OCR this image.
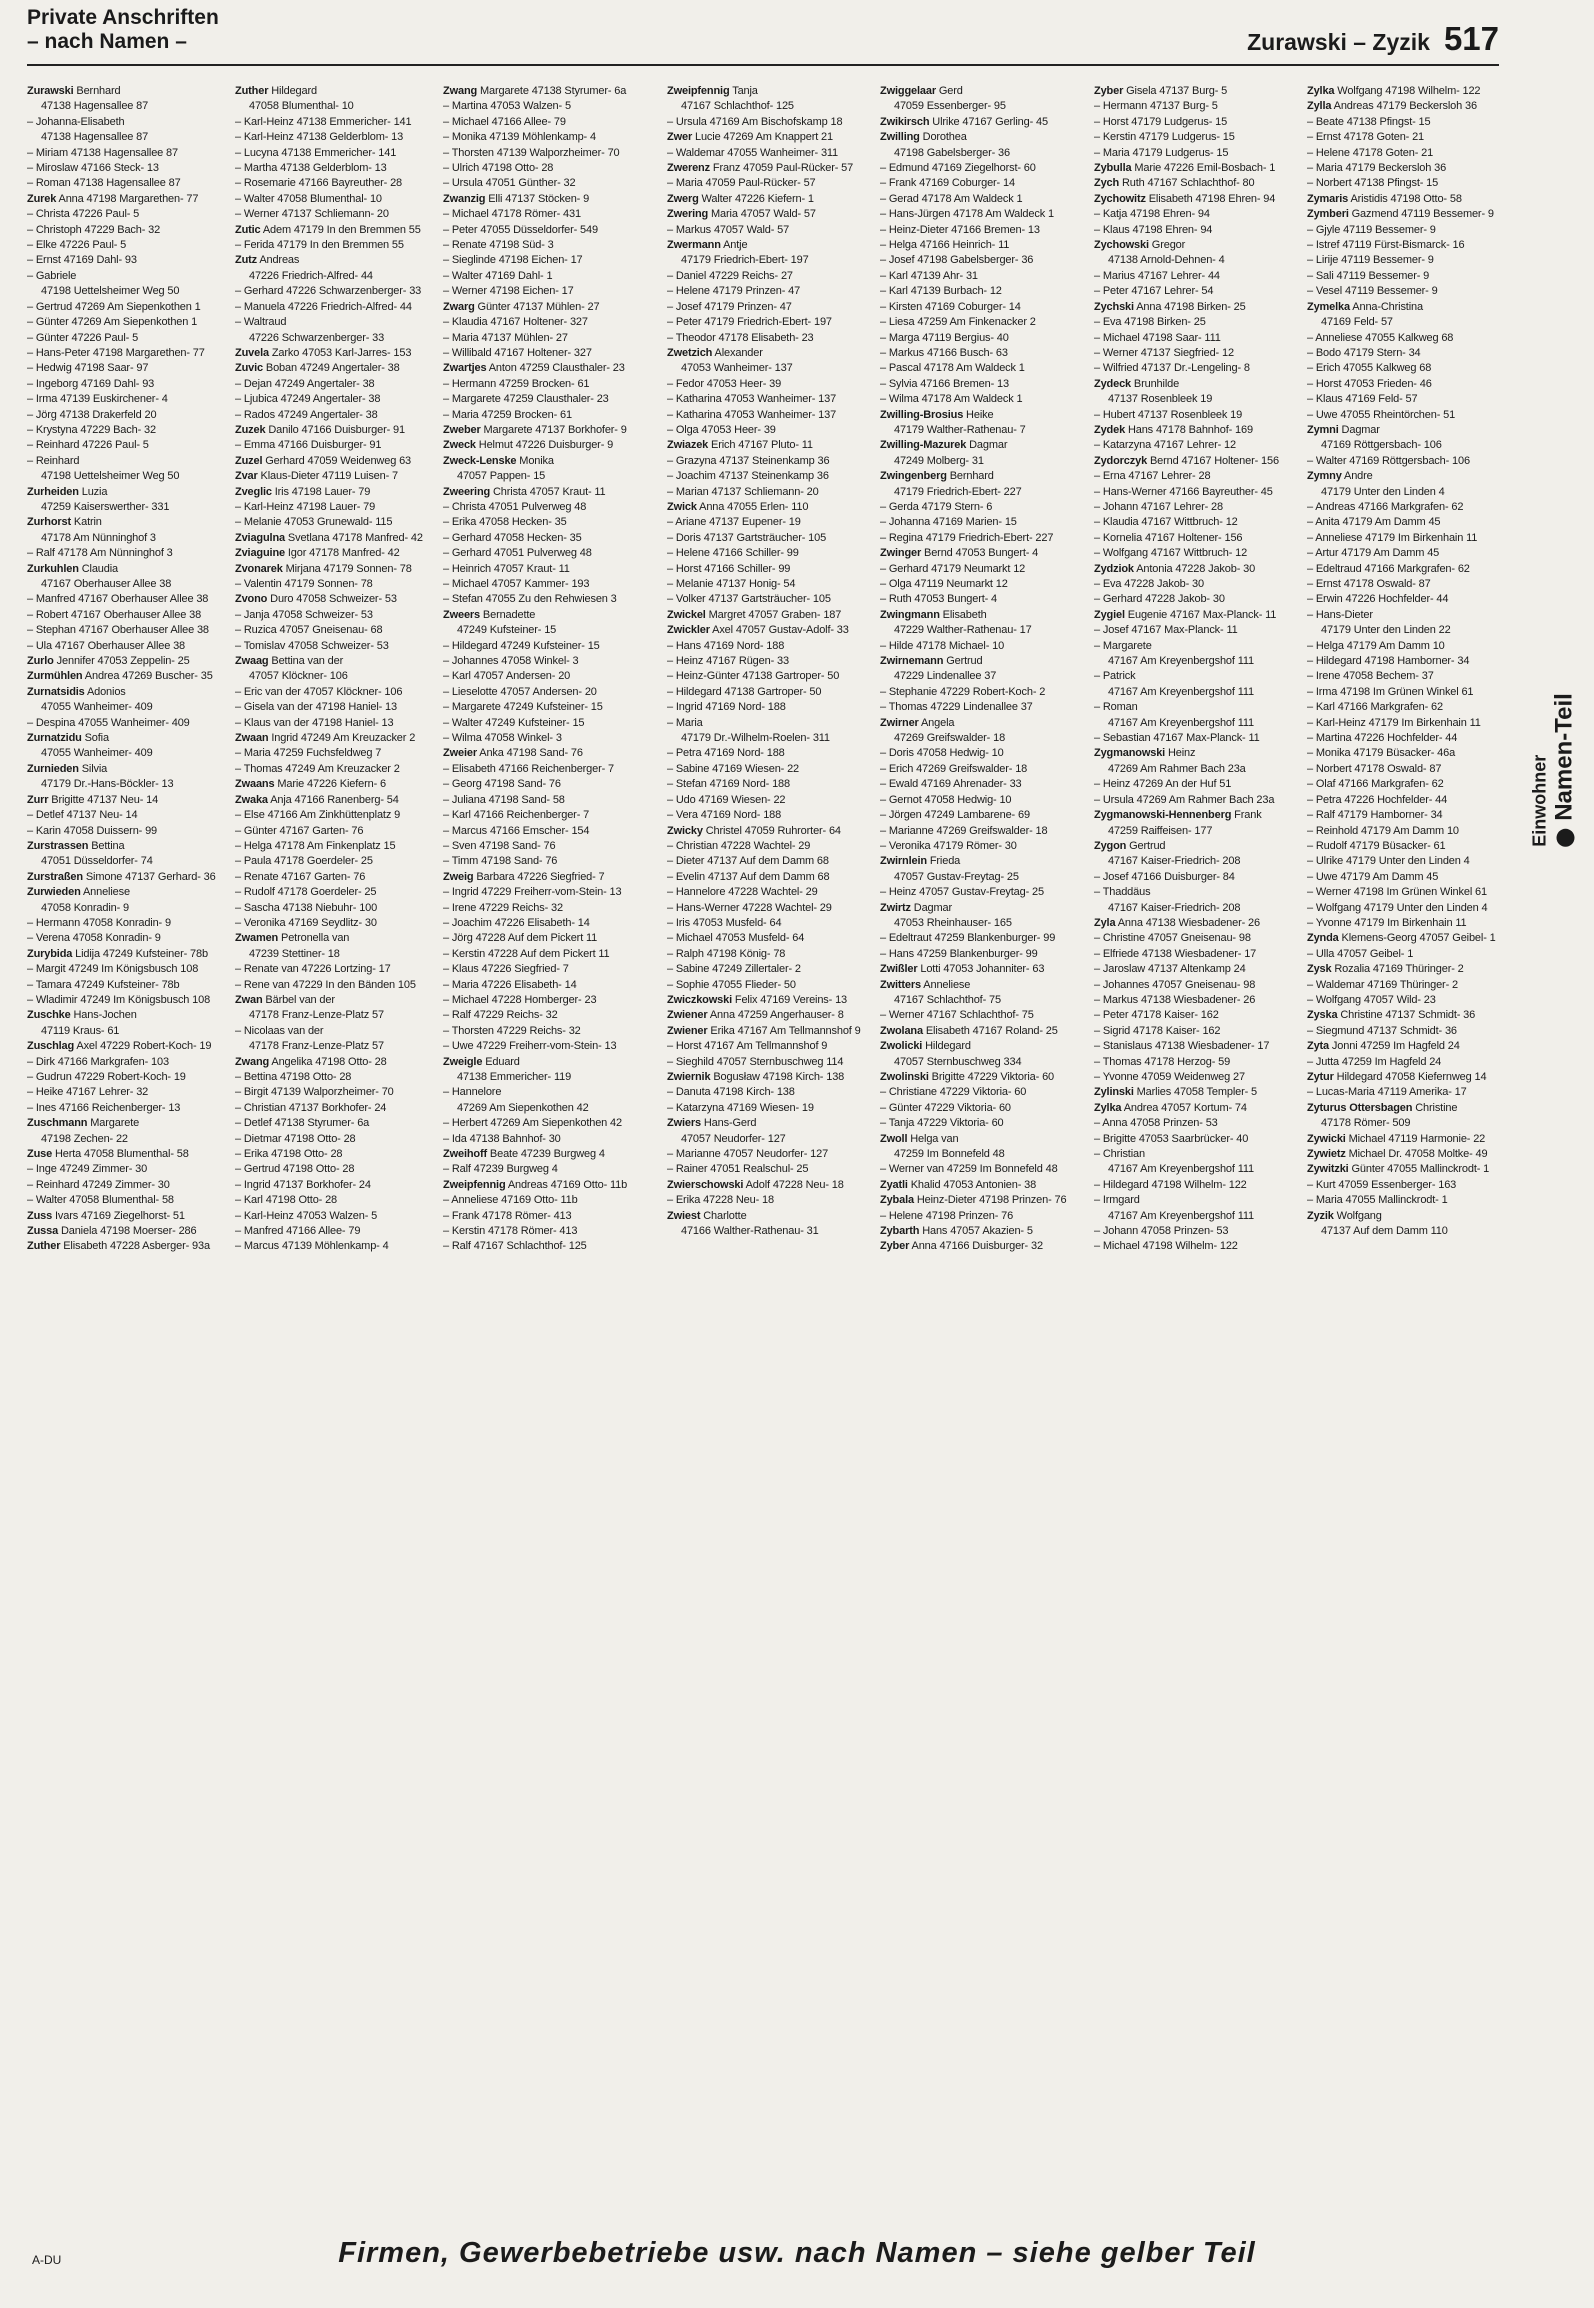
Private Anschriften
– nach Namen –	Zurawski – Zyzik 517
Zurawski Bernhard
47138 Hagensallee 87
– Johanna-Elisabeth
47138 Hagensallee 87
– Miriam 47138 Hagensallee 87
– Miroslaw 47166 Steck- 13
– Roman 47138 Hagensallee 87
Zurek Anna 47198 Margarethen- 77
– Christa 47226 Paul- 5
– Christoph 47229 Bach- 32
– Elke 47226 Paul- 5
– Ernst 47169 Dahl- 93
– Gabriele
47198 Uettelsheimer Weg 50
– Gertrud 47269 Am Siepenkothen 1
– Günter 47269 Am Siepenkothen 1
– Günter 47226 Paul- 5
– Hans-Peter 47198 Margarethen- 77
– Hedwig 47198 Saar- 97
– Ingeborg 47169 Dahl- 93
– Irma 47139 Euskirchener- 4
– Jörg 47138 Drakerfeld 20
– Krystyna 47229 Bach- 32
– Reinhard 47226 Paul- 5
– Reinhard
47198 Uettelsheimer Weg 50
Zurheiden Luzia
47259 Kaiserswerther- 331
Zurhorst Katrin
47178 Am Nünninghof 3
– Ralf 47178 Am Nünninghof 3
Zurkuhlen Claudia
47167 Oberhauser Allee 38
– Manfred 47167 Oberhauser Allee 38
– Robert 47167 Oberhauser Allee 38
– Stephan 47167 Oberhauser Allee 38
– Ula 47167 Oberhauser Allee 38
Zurlo Jennifer 47053 Zeppelin- 25
Zurmühlen Andrea 47269 Buscher- 35
Zurnatsidis Adonios
47055 Wanheimer- 409
– Despina 47055 Wanheimer- 409
Zurnatzidu Sofia
47055 Wanheimer- 409
Zurnieden Silvia
47179 Dr.-Hans-Böckler- 13
Zurr Brigitte 47137 Neu- 14
– Detlef 47137 Neu- 14
– Karin 47058 Duissern- 99
Zurstrassen Bettina
47051 Düsseldorfer- 74
Zurstraßen Simone 47137 Gerhard- 36
Zurwieden Anneliese
47058 Konradin- 9
– Hermann 47058 Konradin- 9
– Verena 47058 Konradin- 9
Zurybida Lidija 47249 Kufsteiner- 78b
– Margit 47249 Im Königsbusch 108
– Tamara 47249 Kufsteiner- 78b
– Wladimir 47249 Im Königsbusch 108
Zuschke Hans-Jochen
47119 Kraus- 61
Zuschlag Axel 47229 Robert-Koch- 19
– Dirk 47166 Markgrafen- 103
– Gudrun 47229 Robert-Koch- 19
– Heike 47167 Lehrer- 32
– Ines 47166 Reichenberger- 13
Zuschmann Margarete
47198 Zechen- 22
Zuse Herta 47058 Blumenthal- 58
– Inge 47249 Zimmer- 30
– Reinhard 47249 Zimmer- 30
– Walter 47058 Blumenthal- 58
Zuss Ivars 47169 Ziegelhorst- 51
Zussa Daniela 47198 Moerser- 286
Zuther Elisabeth 47228 Asberger- 93a
Zuther Hildegard
47058 Blumenthal- 10
– Karl-Heinz 47138 Emmericher- 141
– Karl-Heinz 47138 Gelderblom- 13
– Lucyna 47138 Emmericher- 141
– Martha 47138 Gelderblom- 13
– Rosemarie 47166 Bayreuther- 28
– Walter 47058 Blumenthal- 10
– Werner 47137 Schliemann- 20
Zutic Adem 47179 In den Bremmen 55
– Ferida 47179 In den Bremmen 55
Zutz Andreas
47226 Friedrich-Alfred- 44
– Gerhard 47226 Schwarzenberger- 33
– Manuela 47226 Friedrich-Alfred- 44
– Waltraud
47226 Schwarzenberger- 33
Zuvela Zarko 47053 Karl-Jarres- 153
Zuvic Boban 47249 Angertaler- 38
– Dejan 47249 Angertaler- 38
– Ljubica 47249 Angertaler- 38
– Rados 47249 Angertaler- 38
Zuzek Danilo 47166 Duisburger- 91
– Emma 47166 Duisburger- 91
Zuzel Gerhard 47059 Weidenweg 63
Zvar Klaus-Dieter 47119 Luisen- 7
Zveglic Iris 47198 Lauer- 79
– Karl-Heinz 47198 Lauer- 79
– Melanie 47053 Grunewald- 115
Zviagulna Svetlana 47178 Manfred- 42
Zviaguine Igor 47178 Manfred- 42
Zvonarek Mirjana 47179 Sonnen- 78
– Valentin 47179 Sonnen- 78
Zvono Duro 47058 Schweizer- 53
– Janja 47058 Schweizer- 53
– Ruzica 47057 Gneisenau- 68
– Tomislav 47058 Schweizer- 53
Zwaag Bettina van der
47057 Klöckner- 106
– Eric van der 47057 Klöckner- 106
– Gisela van der 47198 Haniel- 13
– Klaus van der 47198 Haniel- 13
Zwaan Ingrid 47249 Am Kreuzacker 2
– Maria 47259 Fuchsfeldweg 7
– Thomas 47249 Am Kreuzacker 2
Zwaans Marie 47226 Kiefern- 6
Zwaka Anja 47166 Ranenberg- 54
– Else 47166 Am Zinkhüttenplatz 9
– Günter 47167 Garten- 76
– Helga 47178 Am Finkenplatz 15
– Paula 47178 Goerdeler- 25
– Renate 47167 Garten- 76
– Rudolf 47178 Goerdeler- 25
– Sascha 47138 Niebuhr- 100
– Veronika 47169 Seydlitz- 30
Zwamen Petronella van
47239 Stettiner- 18
– Renate van 47226 Lortzing- 17
– Rene van 47229 In den Bänden 105
Zwan Bärbel van der
47178 Franz-Lenze-Platz 57
– Nicolaas van der
47178 Franz-Lenze-Platz 57
Zwang Angelika 47198 Otto- 28
– Bettina 47198 Otto- 28
– Birgit 47139 Walporzheimer- 70
– Christian 47137 Borkhofer- 24
– Detlef 47138 Styrumer- 6a
– Dietmar 47198 Otto- 28
– Erika 47198 Otto- 28
– Gertrud 47198 Otto- 28
– Ingrid 47137 Borkhofer- 24
– Karl 47198 Otto- 28
– Karl-Heinz 47053 Walzen- 5
– Manfred 47166 Allee- 79
– Marcus 47139 Möhlenkamp- 4
Zwang Margarete 47138 Styrumer- 6a
– Martina 47053 Walzen- 5
– Michael 47166 Allee- 79
– Monika 47139 Möhlenkamp- 4
– Thorsten 47139 Walporzheimer- 70
– Ulrich 47198 Otto- 28
– Ursula 47051 Günther- 32
Zwanzig Elli 47137 Stöcken- 9
– Michael 47178 Römer- 431
– Peter 47055 Düsseldorfer- 549
– Renate 47198 Süd- 3
– Sieglinde 47198 Eichen- 17
– Walter 47169 Dahl- 1
– Werner 47198 Eichen- 17
Zwarg Günter 47137 Mühlen- 27
– Klaudia 47167 Holtener- 327
– Maria 47137 Mühlen- 27
– Willibald 47167 Holtener- 327
Zwartjes Anton 47259 Clausthaler- 23
– Hermann 47259 Brocken- 61
– Margarete 47259 Clausthaler- 23
– Maria 47259 Brocken- 61
Zweber Margarete 47137 Borkhofer- 9
Zweck Helmut 47226 Duisburger- 9
Zweck-Lenske Monika
47057 Pappen- 15
Zweering Christa 47057 Kraut- 11
– Christa 47051 Pulverweg 48
– Erika 47058 Hecken- 35
– Gerhard 47058 Hecken- 35
– Gerhard 47051 Pulverweg 48
– Heinrich 47057 Kraut- 11
– Michael 47057 Kammer- 193
– Stefan 47055 Zu den Rehwiesen 3
Zweers Bernadette
47249 Kufsteiner- 15
– Hildegard 47249 Kufsteiner- 15
– Johannes 47058 Winkel- 3
– Karl 47057 Andersen- 20
– Lieselotte 47057 Andersen- 20
– Margarete 47249 Kufsteiner- 15
– Walter 47249 Kufsteiner- 15
– Wilma 47058 Winkel- 3
Zweier Anka 47198 Sand- 76
– Elisabeth 47166 Reichenberger- 7
– Georg 47198 Sand- 76
– Juliana 47198 Sand- 58
– Karl 47166 Reichenberger- 7
– Marcus 47166 Emscher- 154
– Sven 47198 Sand- 76
– Timm 47198 Sand- 76
Zweig Barbara 47226 Siegfried- 7
– Ingrid 47229 Freiherr-vom-Stein- 13
– Irene 47229 Reichs- 32
– Joachim 47226 Elisabeth- 14
– Jörg 47228 Auf dem Pickert 11
– Kerstin 47228 Auf dem Pickert 11
– Klaus 47226 Siegfried- 7
– Maria 47226 Elisabeth- 14
– Michael 47228 Homberger- 23
– Ralf 47229 Reichs- 32
– Thorsten 47229 Reichs- 32
– Uwe 47229 Freiherr-vom-Stein- 13
Zweigle Eduard
47138 Emmericher- 119
– Hannelore
47269 Am Siepenkothen 42
– Herbert 47269 Am Siepenkothen 42
– Ida 47138 Bahnhof- 30
Zweihoff Beate 47239 Burgweg 4
– Ralf 47239 Burgweg 4
Zweipfennig Andreas 47169 Otto- 11b
– Anneliese 47169 Otto- 11b
– Frank 47178 Römer- 413
– Kerstin 47178 Römer- 413
– Ralf 47167 Schlachthof- 125
Zweipfennig Tanja
47167 Schlachthof- 125
– Ursula 47169 Am Bischofskamp 18
Zwer Lucie 47269 Am Knappert 21
– Waldemar 47055 Wanheimer- 311
Zwerenz Franz 47059 Paul-Rücker- 57
– Maria 47059 Paul-Rücker- 57
Zwerg Walter 47226 Kiefern- 1
Zwering Maria 47057 Wald- 57
– Markus 47057 Wald- 57
Zwermann Antje
47179 Friedrich-Ebert- 197
– Daniel 47229 Reichs- 27
– Helene 47179 Prinzen- 47
– Josef 47179 Prinzen- 47
– Peter 47179 Friedrich-Ebert- 197
– Theodor 47178 Elisabeth- 23
Zwetzich Alexander
47053 Wanheimer- 137
– Fedor 47053 Heer- 39
– Katharina 47053 Wanheimer- 137
– Katharina 47053 Wanheimer- 137
– Olga 47053 Heer- 39
Zwiazek Erich 47167 Pluto- 11
– Grazyna 47137 Steinenkamp 36
– Joachim 47137 Steinenkamp 36
– Marian 47137 Schliemann- 20
Zwick Anna 47055 Erlen- 110
– Ariane 47137 Eupener- 19
– Doris 47137 Gartsträucher- 105
– Helene 47166 Schiller- 99
– Horst 47166 Schiller- 99
– Melanie 47137 Honig- 54
– Volker 47137 Gartsträucher- 105
Zwickel Margret 47057 Graben- 187
Zwickler Axel 47057 Gustav-Adolf- 33
– Hans 47169 Nord- 188
– Heinz 47167 Rügen- 33
– Heinz-Günter 47138 Gartroper- 50
– Hildegard 47138 Gartroper- 50
– Ingrid 47169 Nord- 188
– Maria
47179 Dr.-Wilhelm-Roelen- 311
– Petra 47169 Nord- 188
– Sabine 47169 Wiesen- 22
– Stefan 47169 Nord- 188
– Udo 47169 Wiesen- 22
– Vera 47169 Nord- 188
Zwicky Christel 47059 Ruhrorter- 64
– Christian 47228 Wachtel- 29
– Dieter 47137 Auf dem Damm 68
– Evelin 47137 Auf dem Damm 68
– Hannelore 47228 Wachtel- 29
– Hans-Werner 47228 Wachtel- 29
– Iris 47053 Musfeld- 64
– Michael 47053 Musfeld- 64
– Ralph 47198 König- 78
– Sabine 47249 Zillertaler- 2
– Sophie 47055 Flieder- 50
Zwiczkowski Felix 47169 Vereins- 13
Zwiener Anna 47259 Angerhauser- 8
Zwiener Erika 47167 Am Tellmannshof 9
– Horst 47167 Am Tellmannshof 9
– Sieghild 47057 Sternbuschweg 114
Zwiernik Bogusław 47198 Kirch- 138
– Danuta 47198 Kirch- 138
– Katarzyna 47169 Wiesen- 19
Zwiers Hans-Gerd
47057 Neudorfer- 127
– Marianne 47057 Neudorfer- 127
– Rainer 47051 Realschul- 25
Zwierschowski Adolf 47228 Neu- 18
– Erika 47228 Neu- 18
Zwiest Charlotte
47166 Walther-Rathenau- 31
Zwiggelaar Gerd
47059 Essenberger- 95
Zwikirsch Ulrike 47167 Gerling- 45
Zwilling Dorothea
47198 Gabelsberger- 36
– Edmund 47169 Ziegelhorst- 60
– Frank 47169 Coburger- 14
– Gerad 47178 Am Waldeck 1
– Hans-Jürgen 47178 Am Waldeck 1
– Heinz-Dieter 47166 Bremen- 13
– Helga 47166 Heinrich- 11
– Josef 47198 Gabelsberger- 36
– Karl 47139 Ahr- 31
– Karl 47139 Burbach- 12
– Kirsten 47169 Coburger- 14
– Liesa 47259 Am Finkenacker 2
– Marga 47119 Bergius- 40
– Markus 47166 Busch- 63
– Pascal 47178 Am Waldeck 1
– Sylvia 47166 Bremen- 13
– Wilma 47178 Am Waldeck 1
Zwilling-Brosius Heike
47179 Walther-Rathenau- 7
Zwilling-Mazurek Dagmar
47249 Molberg- 31
Zwingenberg Bernhard
47179 Friedrich-Ebert- 227
– Gerda 47179 Stern- 6
– Johanna 47169 Marien- 15
– Regina 47179 Friedrich-Ebert- 227
Zwinger Bernd 47053 Bungert- 4
– Gerhard 47179 Neumarkt 12
– Olga 47119 Neumarkt 12
– Ruth 47053 Bungert- 4
Zwingmann Elisabeth
47229 Walther-Rathenau- 17
– Hilde 47178 Michael- 10
Zwirnemann Gertrud
47229 Lindenallee 37
– Stephanie 47229 Robert-Koch- 2
– Thomas 47229 Lindenallee 37
Zwirner Angela
47269 Greifswalder- 18
– Doris 47058 Hedwig- 10
– Erich 47269 Greifswalder- 18
– Ewald 47169 Ahrenader- 33
– Gernot 47058 Hedwig- 10
– Jörgen 47249 Lambarene- 69
– Marianne 47269 Greifswalder- 18
– Veronika 47179 Römer- 30
Zwirnlein Frieda
47057 Gustav-Freytag- 25
– Heinz 47057 Gustav-Freytag- 25
Zwirtz Dagmar
47053 Rheinhauser- 165
– Edeltraut 47259 Blankenburger- 99
– Hans 47259 Blankenburger- 99
Zwißler Lotti 47053 Johanniter- 63
Zwitters Anneliese
47167 Schlachthof- 75
– Werner 47167 Schlachthof- 75
Zwolana Elisabeth 47167 Roland- 25
Zwolicki Hildegard
47057 Sternbuschweg 334
Zwolinski Brigitte 47229 Viktoria- 60
– Christiane 47229 Viktoria- 60
– Günter 47229 Viktoria- 60
– Tanja 47229 Viktoria- 60
Zwoll Helga van
47259 Im Bonnefeld 48
– Werner van 47259 Im Bonnefeld 48
Zyatli Khalid 47053 Antonien- 38
Zybala Heinz-Dieter 47198 Prinzen- 76
– Helene 47198 Prinzen- 76
Zybarth Hans 47057 Akazien- 5
Zyber Anna 47166 Duisburger- 32
Zyber Gisela 47137 Burg- 5
– Hermann 47137 Burg- 5
– Horst 47179 Ludgerus- 15
– Kerstin 47179 Ludgerus- 15
– Maria 47179 Ludgerus- 15
Zybulla Marie 47226 Emil-Bosbach- 1
Zych Ruth 47167 Schlachthof- 80
Zychowitz Elisabeth 47198 Ehren- 94
– Katja 47198 Ehren- 94
– Klaus 47198 Ehren- 94
Zychowski Gregor
47138 Arnold-Dehnen- 4
– Marius 47167 Lehrer- 44
– Peter 47167 Lehrer- 54
Zychski Anna 47198 Birken- 25
– Eva 47198 Birken- 25
– Michael 47198 Saar- 111
– Werner 47137 Siegfried- 12
– Wilfried 47137 Dr.-Lengeling- 8
Zydeck Brunhilde
47137 Rosenbleek 19
– Hubert 47137 Rosenbleek 19
Zydek Hans 47178 Bahnhof- 169
– Katarzyna 47167 Lehrer- 12
Zydorczyk Bernd 47167 Holtener- 156
– Erna 47167 Lehrer- 28
– Hans-Werner 47166 Bayreuther- 45
– Johann 47167 Lehrer- 28
– Klaudia 47167 Wittbruch- 12
– Kornelia 47167 Holtener- 156
– Wolfgang 47167 Wittbruch- 12
Zydziok Antonia 47228 Jakob- 30
– Eva 47228 Jakob- 30
– Gerhard 47228 Jakob- 30
Zygiel Eugenie 47167 Max-Planck- 11
– Josef 47167 Max-Planck- 11
– Margarete
47167 Am Kreyenbergshof 111
– Patrick
47167 Am Kreyenbergshof 111
– Roman
47167 Am Kreyenbergshof 111
– Sebastian 47167 Max-Planck- 11
Zygmanowski Heinz
47269 Am Rahmer Bach 23a
– Heinz 47269 An der Huf 51
– Ursula 47269 Am Rahmer Bach 23a
Zygmanowski-Hennenberg Frank
47259 Raiffeisen- 177
Zygon Gertrud
47167 Kaiser-Friedrich- 208
– Josef 47166 Duisburger- 84
– Thaddäus
47167 Kaiser-Friedrich- 208
Zyla Anna 47138 Wiesbadener- 26
– Christine 47057 Gneisenau- 98
– Elfriede 47138 Wiesbadener- 17
– Jaroslaw 47137 Altenkamp 24
– Johannes 47057 Gneisenau- 98
– Markus 47138 Wiesbadener- 26
– Peter 47178 Kaiser- 162
– Sigrid 47178 Kaiser- 162
– Stanislaus 47138 Wiesbadener- 17
– Thomas 47178 Herzog- 59
– Yvonne 47059 Weidenweg 27
Zylinski Marlies 47058 Templer- 5
Zylka Andrea 47057 Kortum- 74
– Anna 47058 Prinzen- 53
– Brigitte 47053 Saarbrücker- 40
– Christian
47167 Am Kreyenbergshof 111
– Hildegard 47198 Wilhelm- 122
– Irmgard
47167 Am Kreyenbergshof 111
– Johann 47058 Prinzen- 53
– Michael 47198 Wilhelm- 122
Zylka Wolfgang 47198 Wilhelm- 122
Zylla Andreas 47179 Beckersloh 36
– Beate 47138 Pfingst- 15
– Ernst 47178 Goten- 21
– Helene 47178 Goten- 21
– Maria 47179 Beckersloh 36
– Norbert 47138 Pfingst- 15
Zymaris Aristidis 47198 Otto- 58
Zymberi Gazmend 47119 Bessemer- 9
– Gjyle 47119 Bessemer- 9
– Istref 47119 Fürst-Bismarck- 16
– Lirije 47119 Bessemer- 9
– Sali 47119 Bessemer- 9
– Vesel 47119 Bessemer- 9
Zymelka Anna-Christina
47169 Feld- 57
– Anneliese 47055 Kalkweg 68
– Bodo 47179 Stern- 34
– Erich 47055 Kalkweg 68
– Horst 47053 Frieden- 46
– Klaus 47169 Feld- 57
– Uwe 47055 Rheintörchen- 51
Zymni Dagmar
47169 Röttgersbach- 106
– Walter 47169 Röttgersbach- 106
Zymny Andre
47179 Unter den Linden 4
– Andreas 47166 Markgrafen- 62
– Anita 47179 Am Damm 45
– Anneliese 47179 Im Birkenhain 11
– Artur 47179 Am Damm 45
– Edeltraud 47166 Markgrafen- 62
– Ernst 47178 Oswald- 87
– Erwin 47226 Hochfelder- 44
– Hans-Dieter
47179 Unter den Linden 22
– Helga 47179 Am Damm 10
– Hildegard 47198 Hamborner- 34
– Irene 47058 Bechem- 37
– Irma 47198 Im Grünen Winkel 61
– Karl 47166 Markgrafen- 62
– Karl-Heinz 47179 Im Birkenhain 11
– Martina 47226 Hochfelder- 44
– Monika 47179 Büsacker- 46a
– Norbert 47178 Oswald- 87
– Olaf 47166 Markgrafen- 62
– Petra 47226 Hochfelder- 44
– Ralf 47179 Hamborner- 34
– Reinhold 47179 Am Damm 10
– Rudolf 47179 Büsacker- 61
– Ulrike 47179 Unter den Linden 4
– Uwe 47179 Am Damm 45
– Werner 47198 Im Grünen Winkel 61
– Wolfgang 47179 Unter den Linden 4
– Yvonne 47179 Im Birkenhain 11
Zynda Klemens-Georg 47057 Geibel- 1
– Ulla 47057 Geibel- 1
Zysk Rozalia 47169 Thüringer- 2
– Waldemar 47169 Thüringer- 2
– Wolfgang 47057 Wild- 23
Zyska Christine 47137 Schmidt- 36
– Siegmund 47137 Schmidt- 36
Zyta Jonni 47259 Im Hagfeld 24
– Jutta 47259 Im Hagfeld 24
Zytur Hildegard 47058 Kiefernweg 14
– Lucas-Maria 47119 Amerika- 17
Zyturus Ottersbagen Christine
47178 Römer- 509
Zywicki Michael 47119 Harmonie- 22
Zywietz Michael Dr. 47058 Moltke- 49
Zywitzki Günter 47055 Mallinckrodt- 1
– Kurt 47059 Essenberger- 163
– Maria 47055 Mallinckrodt- 1
Zyzik Wolfgang
47137 Auf dem Damm 110
Einwohner Namen-Teil
A-DU	Firmen, Gewerbebetriebe usw. nach Namen – siehe gelber Teil
